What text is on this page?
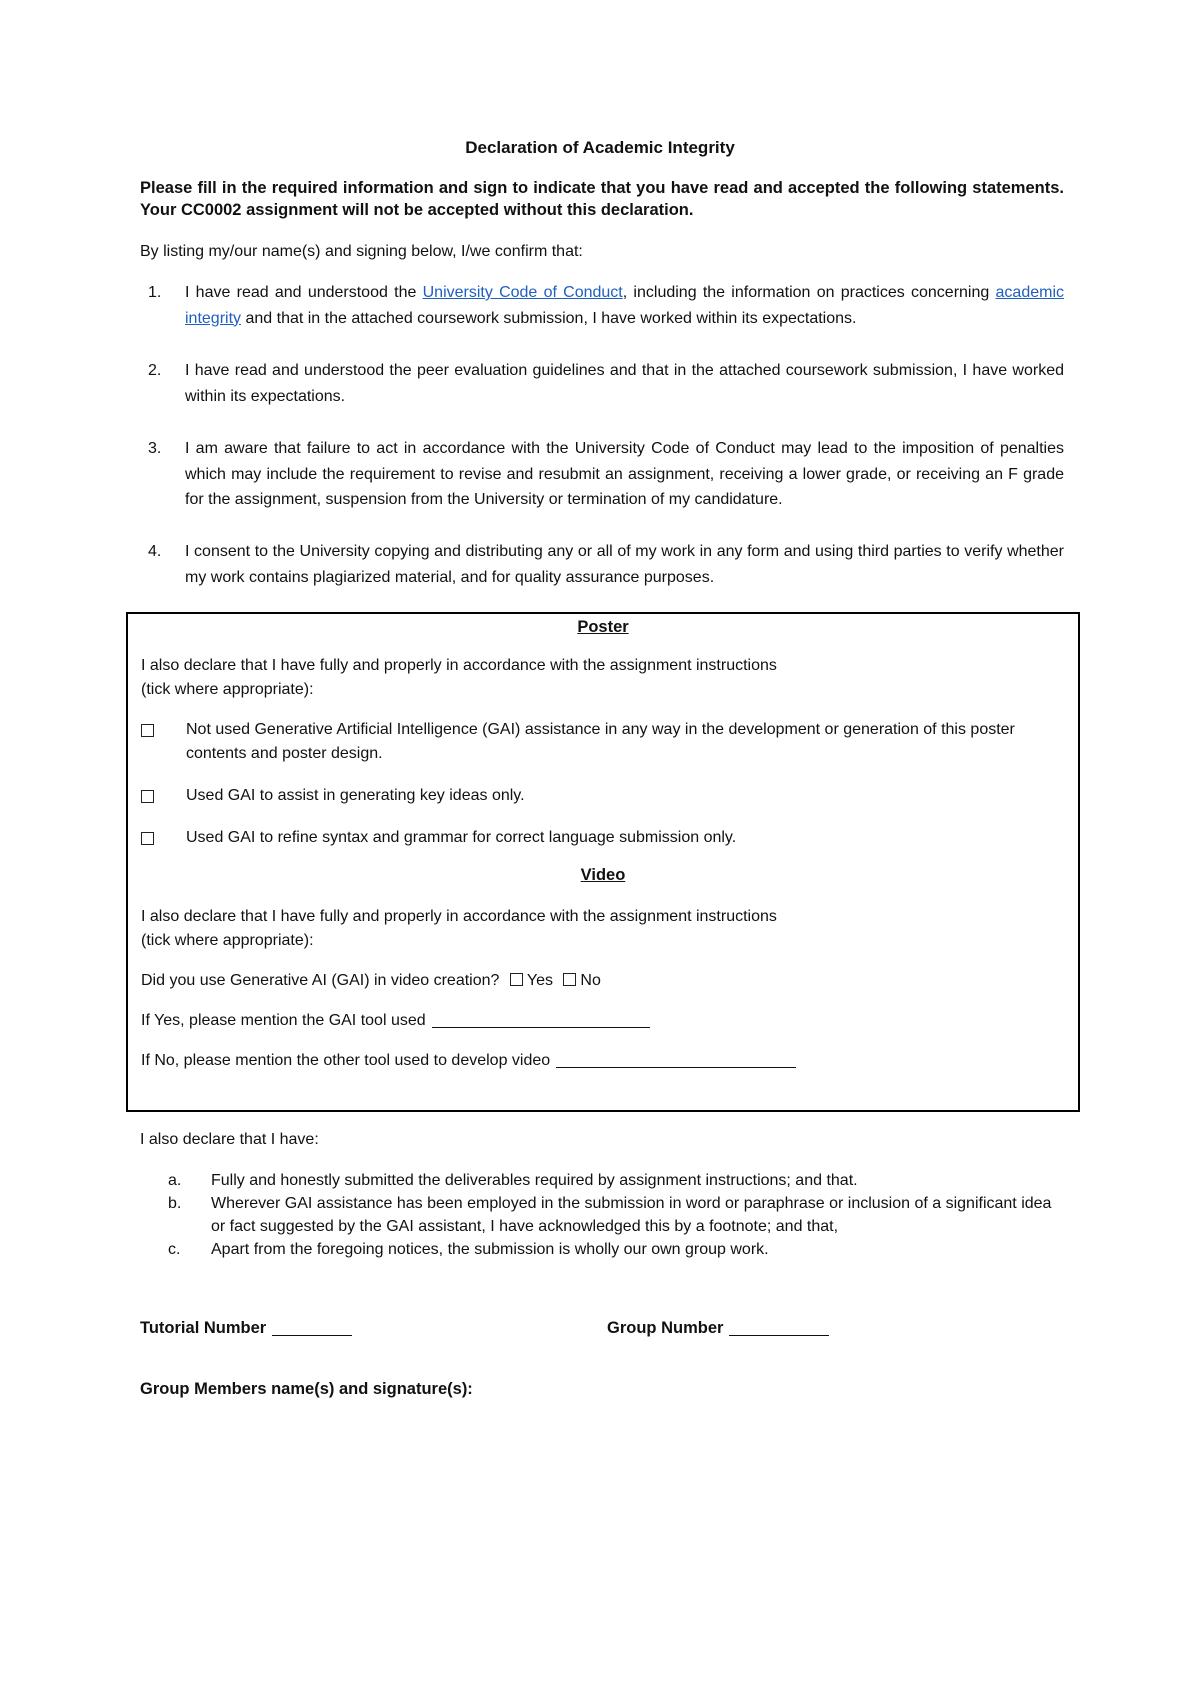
Declaration of Academic Integrity
Please fill in the required information and sign to indicate that you have read and accepted the following statements. Your CC0002 assignment will not be accepted without this declaration.
By listing my/our name(s) and signing below, I/we confirm that:
1.	I have read and understood the University Code of Conduct, including the information on practices concerning academic integrity and that in the attached coursework submission, I have worked within its expectations.
2.	I have read and understood the peer evaluation guidelines and that in the attached coursework submission, I have worked within its expectations.
3.	I am aware that failure to act in accordance with the University Code of Conduct may lead to the imposition of penalties which may include the requirement to revise and resubmit an assignment, receiving a lower grade, or receiving an F grade for the assignment, suspension from the University or termination of my candidature.
4.	I consent to the University copying and distributing any or all of my work in any form and using third parties to verify whether my work contains plagiarized material, and for quality assurance purposes.
Poster
I also declare that I have fully and properly in accordance with the assignment instructions
(tick where appropriate):
Not used Generative Artificial Intelligence (GAI) assistance in any way in the development or generation of this poster contents and poster design.
Used GAI to assist in generating key ideas only.
Used GAI to refine syntax and grammar for correct language submission only.
Video
I also declare that I have fully and properly in accordance with the assignment instructions
(tick where appropriate):
Did you use Generative AI (GAI) in video creation? Yes No
If Yes, please mention the GAI tool used
If No, please mention the other tool used to develop video
I also declare that I have:
a. Fully and honestly submitted the deliverables required by assignment instructions; and that.
b. Wherever GAI assistance has been employed in the submission in word or paraphrase or inclusion of a significant idea or fact suggested by the GAI assistant, I have acknowledged this by a footnote; and that,
c. Apart from the foregoing notices, the submission is wholly our own group work.
Tutorial Number	Group Number
Group Members name(s) and signature(s):
